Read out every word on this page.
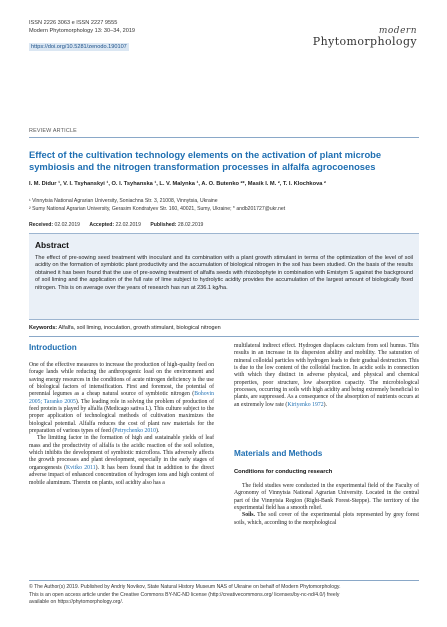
ISSN 2226 3063 e ISSN 2227 9555
Modern Phytomorphology 13: 30–34, 2019
https://doi.org/10.5281/zenodo.190107
modern
Phytomorphology
REVIEW ARTICLE
Effect of the cultivation technology elements on the activation of plant microbe symbiosis and the nitrogen transformation processes in alfalfa agrocoenoses
I. M. Didur ¹, V. I. Tsyhanskyi ¹, O. I. Tsyhanska ¹, L. V. Malynka ¹, A. O. Butenko ²*, Masik I. M. ², T. I. Klochkova ²
¹ Vinnytsia National Agrarian University, Soniachna Str. 3, 21008, Vinnytsia, Ukraine
² Sumy National Agrarian University, Gerasim Kondratyev Str. 160, 40021, Sumy, Ukraine; * andb201727@ukr.net
Received: 02.02.2019 Accepted: 22.02.2019 Published: 28.02.2019
Abstract
The effect of pre-sowing seed treatment with inoculant and its combination with a plant growth stimulant in terms of the optimization of the level of soil acidity on the formation of symbiotic plant productivity and the accumulation of biological nitrogen in the soil has been studied. On the basis of the results obtained it has been found that the use of pre-sowing treatment of alfalfa seeds with rhizobophyte in combination with Emistym S against the background of soil liming and the application of the full rate of lime subject to hydrolytic acidity provides the accumulation of the largest amount of biologically fixed nitrogen. This is on average over the years of research has run at 236.1 kg/ha.
Keywords: Alfalfa, soil liming, inoculation, growth stimulant, biological nitrogen
Introduction

One of the effective measures to increase the production of high-quality feed on forage lands while reducing the anthropogenic load on the environment and saving energy resources in the conditions of acute nitrogen deficiency is the use of biological factors of intensification. First and foremost, the potential of perennial legumes as a cheap natural source of symbiotic nitrogen (Bohovin 2005; Taranko 2005). The leading role in solving the problem of production of feed protein is played by alfalfa (Medicago sativa L). This culture subject to the proper application of technological methods of cultivation maximizes the biological potential. Alfalfa reduces the cost of plant raw materials for the preparation of various types of feed (Petrychenko 2010).

The limiting factor in the formation of high and sustainable yields of leaf mass and the productivity of alfalfa is the acidic reaction of the soil solution, which inhibits the development of symbiotic microflora. This adversely affects the growth processes and plant development, especially in the early stages of organogenesis (Kvitko 2011). It has been found that in addition to the direct adverse impact of enhanced concentration of hydrogen ions and high content of mobile aluminum. Therein on plants, soil acidity also has a

multilateral indirect effect. Hydrogen displaces calcium from soil humus. This results in an increase in its dispersion ability and mobility. The saturation of mineral colloidal particles with hydrogen leads to their gradual destruction. This is due to the low content of the colloidal fraction. In acidic soils in connection with which they distinct in adverse physical, and physical and chemical properties, poor structure, low absorption capacity. The microbiological processes, occurring in soils with high acidity and being extremely beneficial to plants, are suppressed. As a consequence of the absorption of nutrients occurs at an extremely low rate (Kiriyenko 1972).

Materials and Methods
Conditions for conducting research

The field studies were conducted in the experimental field of the Faculty of Agronomy of Vinnytsia National Agrarian University. Located in the central part of the Vinnytsia Region (Right-Bank Forest-Steppe). The territory of the experimental field has a smooth relief.

Soils. The soil cover of the experimental plots represented by grey forest soils, which, according to the morphological

© The Author(s) 2019. Published by Andriy Novikov, State Natural History Museum NAS of Ukraine on behalf of Modern Phytomorphology.
This is an open access article under the Creative Commons BY-NC-ND license (http://creativecommons.org/ licenses/by-nc-nd/4.0/) freely
available on https://phytomorphology.org/.
